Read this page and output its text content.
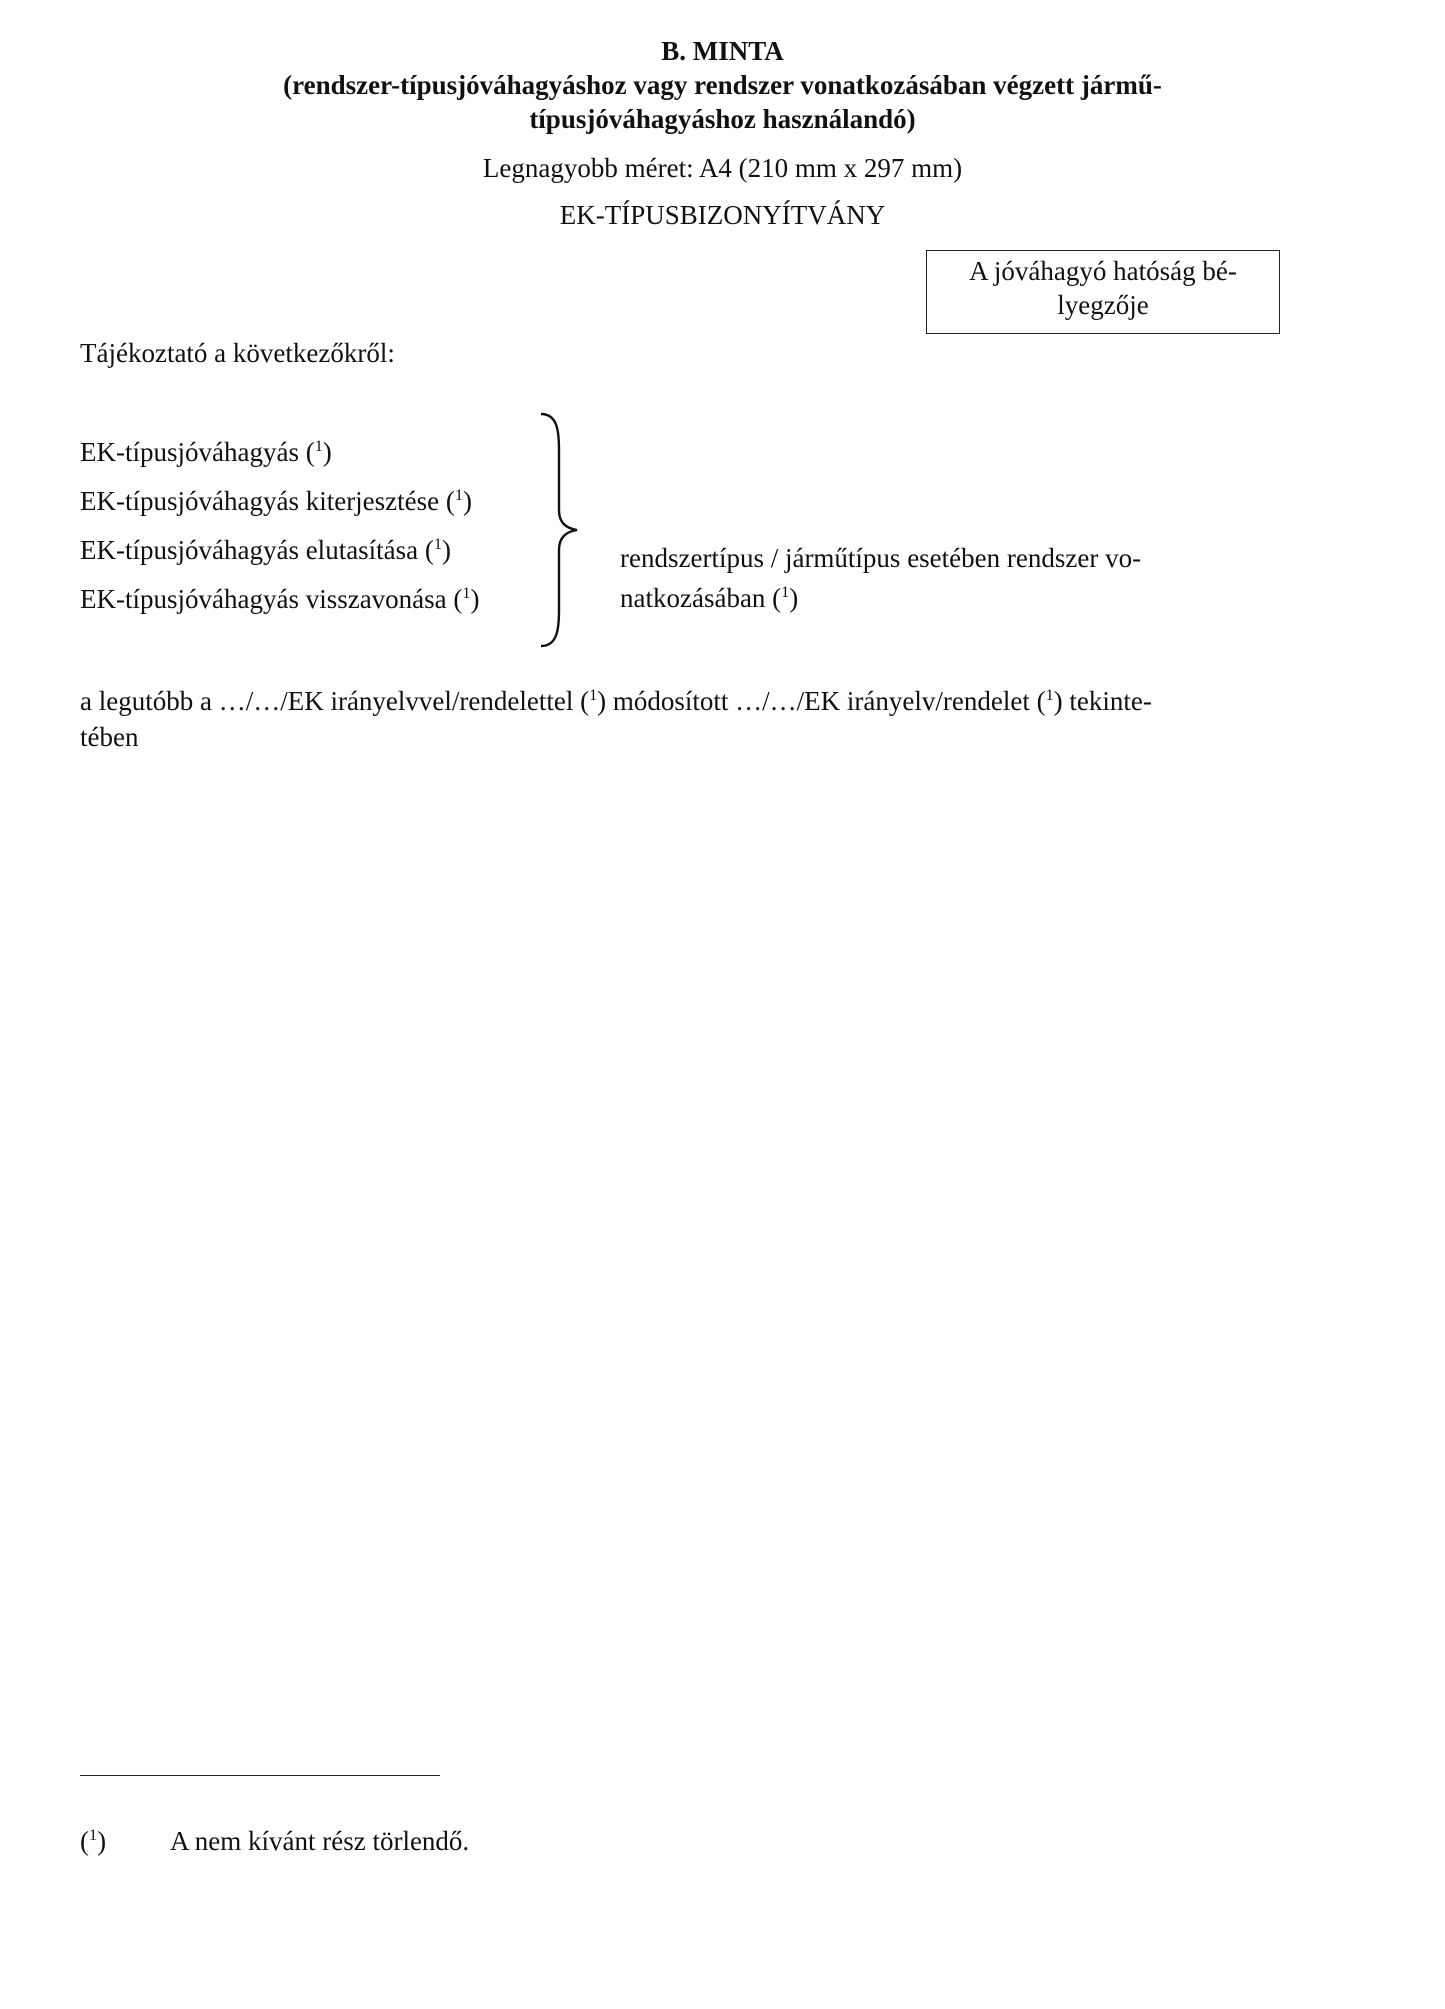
B. MINTA
(rendszer-típusjóváhagyáshoz vagy rendszer vonatkozásában végzett jármű-
típusjóváhagyáshoz használandó)
Legnagyobb méret: A4 (210 mm x 297 mm)
EK-TÍPUSBIZONYÍTVÁNY
A jóváhagyó hatóság bé-
lyegzője
Tájékoztató a következőkről:
EK-típusjóváhagyás ($^1$)
EK-típusjóváhagyás kiterjesztése ($^1$)
EK-típusjóváhagyás elutasítása ($^1$)
EK-típusjóváhagyás visszavonása ($^1$)
rendszertípus / járműtípus esetében rendszer vo-
natkozásában ($^1$)
a legutóbb a …/…/EK irányelvvel/rendelettel ($^1$) módosított …/…/EK irányelv/rendelet ($^1$) tekinte-
tében
($^1$) A nem kívánt rész törlendő.
